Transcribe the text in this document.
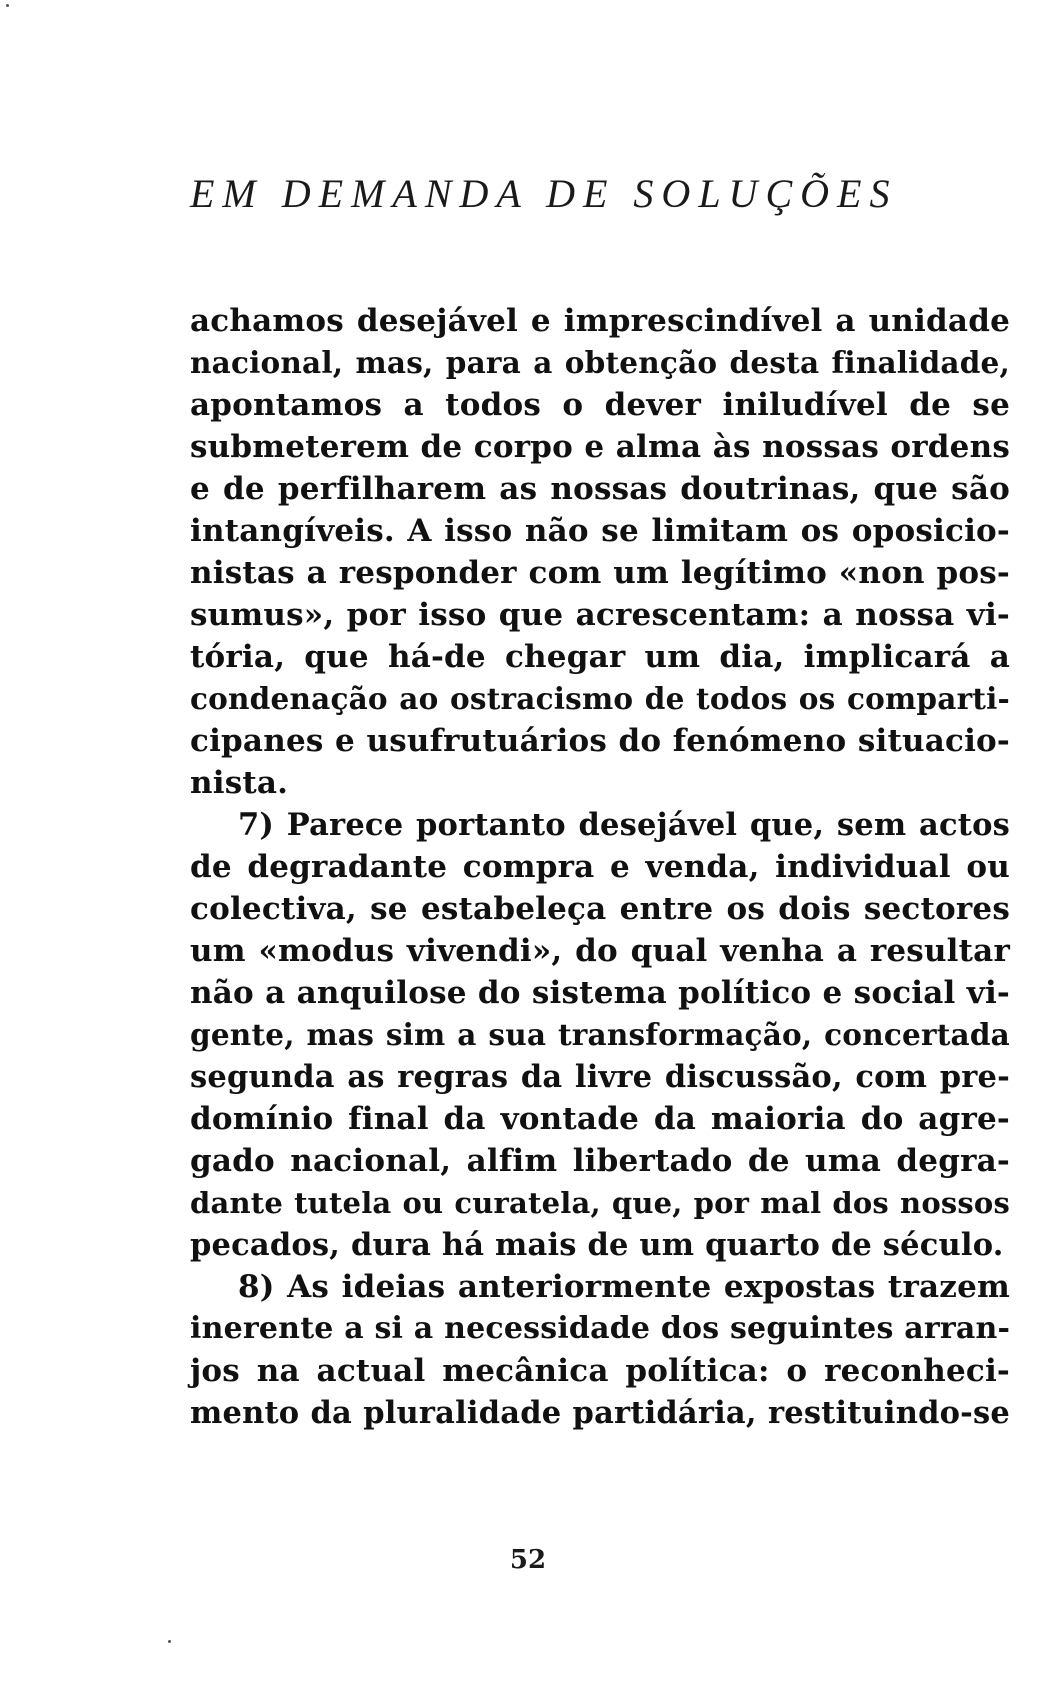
EM DEMANDA DE SOLUÇÕES
achamos desejável e imprescindível a unidade
nacional, mas, para a obtenção desta finalidade,
apontamos a todos o dever iniludível de se
submeterem de corpo e alma às nossas ordens
e de perfilharem as nossas doutrinas, que são
intangíveis. A isso não se limitam os oposicio-
nistas a responder com um legítimo «non pos-
sumus», por isso que acrescentam: a nossa vi-
tória, que há-de chegar um dia, implicará a
condenação ao ostracismo de todos os comparti-
cipanes e usufrutuários do fenómeno situacio-
nista.
7) Parece portanto desejável que, sem actos
de degradante compra e venda, individual ou
colectiva, se estabeleça entre os dois sectores
um «modus vivendi», do qual venha a resultar
não a anquilose do sistema político e social vi-
gente, mas sim a sua transformação, concertada
segunda as regras da livre discussão, com pre-
domínio final da vontade da maioria do agre-
gado nacional, alfim libertado de uma degra-
dante tutela ou curatela, que, por mal dos nossos
pecados, dura há mais de um quarto de século.
8) As ideias anteriormente expostas trazem
inerente a si a necessidade dos seguintes arran-
jos na actual mecânica política: o reconheci-
mento da pluralidade partidária, restituindo-se
52
